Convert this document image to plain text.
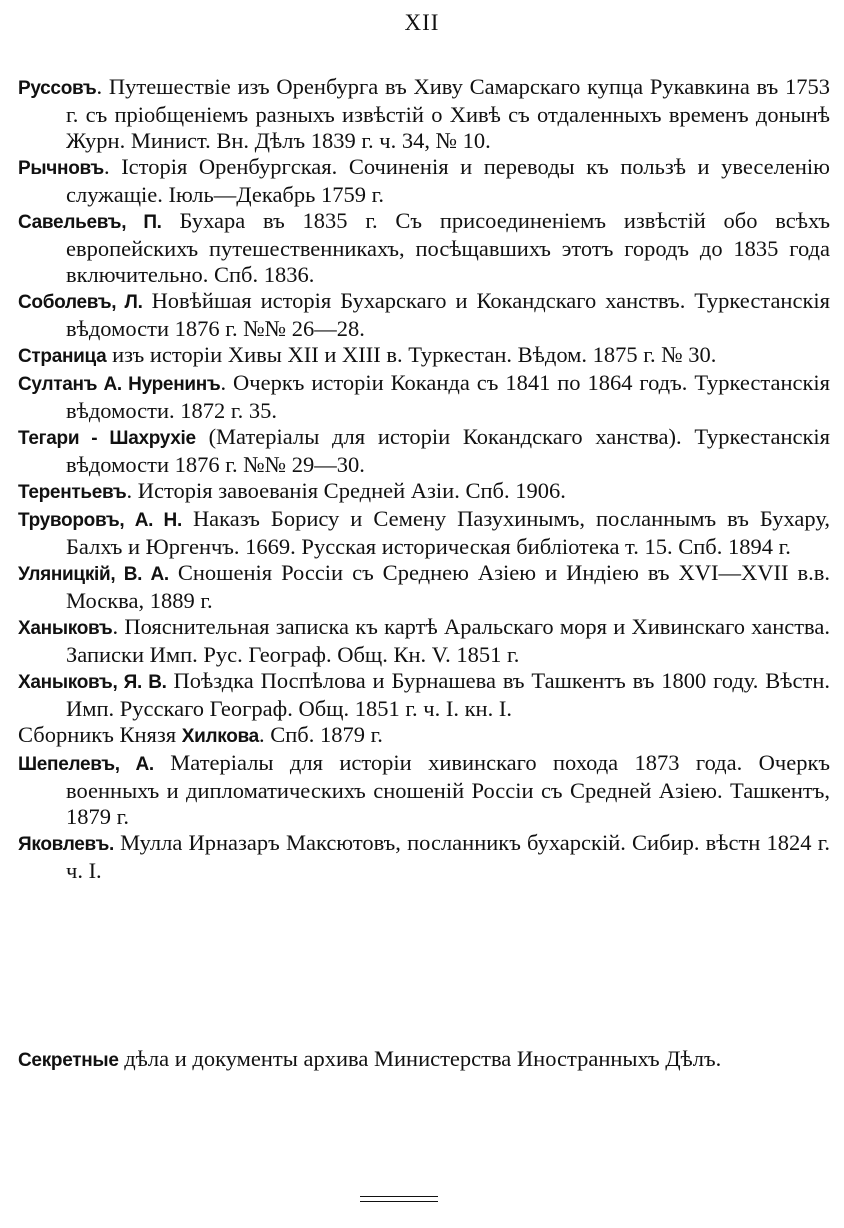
XII
Руссовъ. Путешествіе изъ Оренбурга въ Хиву Самарскаго купца Рукавкина въ 1753 г. съ пріобщеніемъ разныхъ извѣстій о Хивѣ съ отдаленныхъ временъ донынѣ Журн. Минист. Вн. Дѣлъ 1839 г. ч. 34, № 10.
Рычновъ. Іcторія Оренбургская. Сочиненія и переводы къ пользѣ и увеселенію служащіе. Іюль—Декабрь 1759 г.
Савельевъ, П. Бухара въ 1835 г. Съ присоединеніемъ извѣстій обо всѣхъ европейскихъ путешественникахъ, посѣщавшихъ этотъ городъ до 1835 года включительно. Спб. 1836.
Соболевъ, Л. Новѣйшая исторія Бухарскаго и Кокандскаго ханствъ. Туркестанскія вѣдомости 1876 г. №№ 26—28.
Страница изъ исторіи Хивы XII и XIII в. Туркестан. Вѣдом. 1875 г. № 30.
Султанъ А. Нуренинъ. Очеркъ исторіи Коканда съ 1841 по 1864 годъ. Туркестанскія вѣдомости. 1872 г. 35.
Тегари - Шахрухіе (Матеріалы для исторіи Кокандскаго ханства). Туркестанскія вѣдомости 1876 г. №№ 29—30.
Терентьевъ. Исторія завоеванія Средней Азіи. Спб. 1906.
Труворовъ, А. Н. Наказъ Борису и Семену Пазухинымъ, посланнымъ въ Бухару, Балхъ и Юргенчъ. 1669. Русская историческая библіотека т. 15. Спб. 1894 г.
Уляницкій, В. А. Сношенія Россіи съ Среднею Азіею и Индіею въ XVI—XVII в.в. Москва, 1889 г.
Ханыковъ. Пояснительная записка къ картѣ Аральскаго моря и Хивинскаго ханства. Записки Имп. Рус. Географ. Общ. Кн. V. 1851 г.
Ханыковъ, Я. В. Поѣздка Поспѣлова и Бурнашева въ Ташкентъ въ 1800 году. Вѣстн. Имп. Русскаго Географ. Общ. 1851 г. ч. I. кн. I.
Сборникъ Князя Хилкова. Спб. 1879 г.
Шепелевъ, А. Матеріалы для исторіи хивинскаго похода 1873 года. Очеркъ военныхъ и дипломатическихъ сношеній Россіи съ Средней Азіею. Ташкентъ, 1879 г.
Яковлевъ. Мулла Ирназаръ Максютовъ, посланникъ бухарскій. Сибир. вѣстн 1824 г. ч. I.
Секретные дѣла и документы архива Министерства Иностранныхъ Дѣлъ.
